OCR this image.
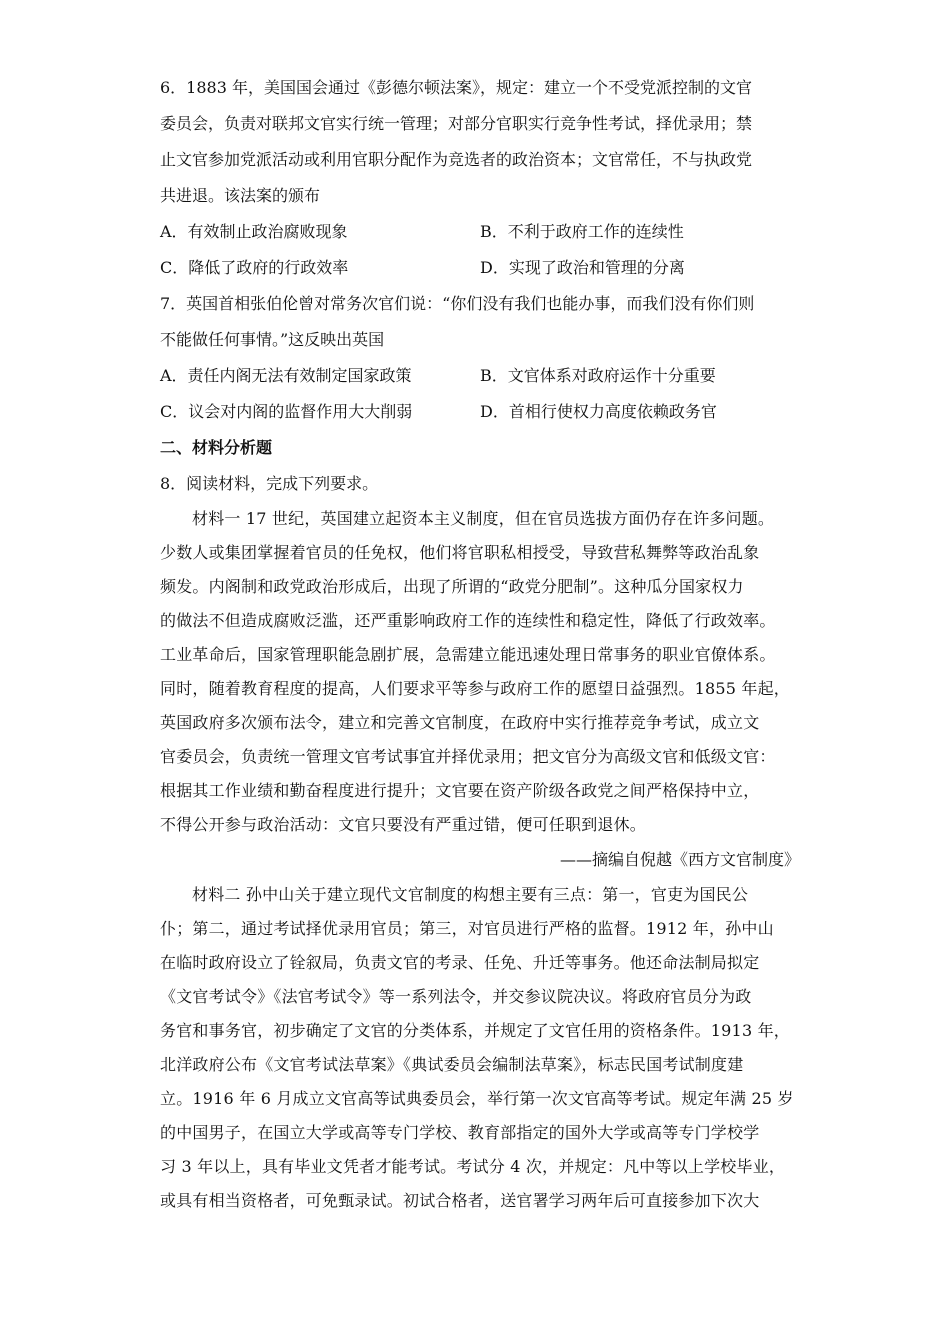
6．1883 年，美国国会通过《彭德尔顿法案》，规定：建立一个不受党派控制的文官
委员会，负责对联邦文官实行统一管理；对部分官职实行竞争性考试，择优录用；禁
止文官参加党派活动或利用官职分配作为竞选者的政治资本；文官常任，不与执政党
共进退。该法案的颁布
A．有效制止政治腐败现象	B．不利于政府工作的连续性
C．降低了政府的行政效率	D．实现了政治和管理的分离
7．英国首相张伯伦曾对常务次官们说：“你们没有我们也能办事，而我们没有你们则
不能做任何事情。”这反映出英国
A．责任内阁无法有效制定国家政策	B．文官体系对政府运作十分重要
C．议会对内阁的监督作用大大削弱	D．首相行使权力高度依赖政务官
二、材料分析题
8．阅读材料，完成下列要求。
材料一 17 世纪，英国建立起资本主义制度，但在官员选拔方面仍存在许多问题。
少数人或集团掌握着官员的任免权，他们将官职私相授受，导致营私舞弊等政治乱象
频发。内阁制和政党政治形成后，出现了所谓的“政党分肥制”。这种瓜分国家权力
的做法不但造成腐败泛滥，还严重影响政府工作的连续性和稳定性，降低了行政效率。
工业革命后，国家管理职能急剧扩展，急需建立能迅速处理日常事务的职业官僚体系。
同时，随着教育程度的提高，人们要求平等参与政府工作的愿望日益强烈。1855 年起，
英国政府多次颁布法令，建立和完善文官制度，在政府中实行推荐竞争考试，成立文
官委员会，负责统一管理文官考试事宜并择优录用；把文官分为高级文官和低级文官：
根据其工作业绩和勤奋程度进行提升；文官要在资产阶级各政党之间严格保持中立，
不得公开参与政治活动：文官只要没有严重过错，便可任职到退休。
——摘编自倪越《西方文官制度》
材料二 孙中山关于建立现代文官制度的构想主要有三点：第一，官吏为国民公
仆；第二，通过考试择优录用官员；第三，对官员进行严格的监督。1912 年，孙中山
在临时政府设立了铨叙局，负责文官的考录、任免、升迁等事务。他还命法制局拟定
《文官考试令》《法官考试令》等一系列法令，并交参议院决议。将政府官员分为政
务官和事务官，初步确定了文官的分类体系，并规定了文官任用的资格条件。1913 年，
北洋政府公布《文官考试法草案》《典试委员会编制法草案》，标志民国考试制度建
立。1916 年 6 月成立文官高等试典委员会，举行第一次文官高等考试。规定年满 25 岁
的中国男子，在国立大学或高等专门学校、教育部指定的国外大学或高等专门学校学
习 3 年以上，具有毕业文凭者才能考试。考试分 4 次，并规定：凡中等以上学校毕业，
或具有相当资格者，可免甄录试。初试合格者，送官署学习两年后可直接参加下次大
